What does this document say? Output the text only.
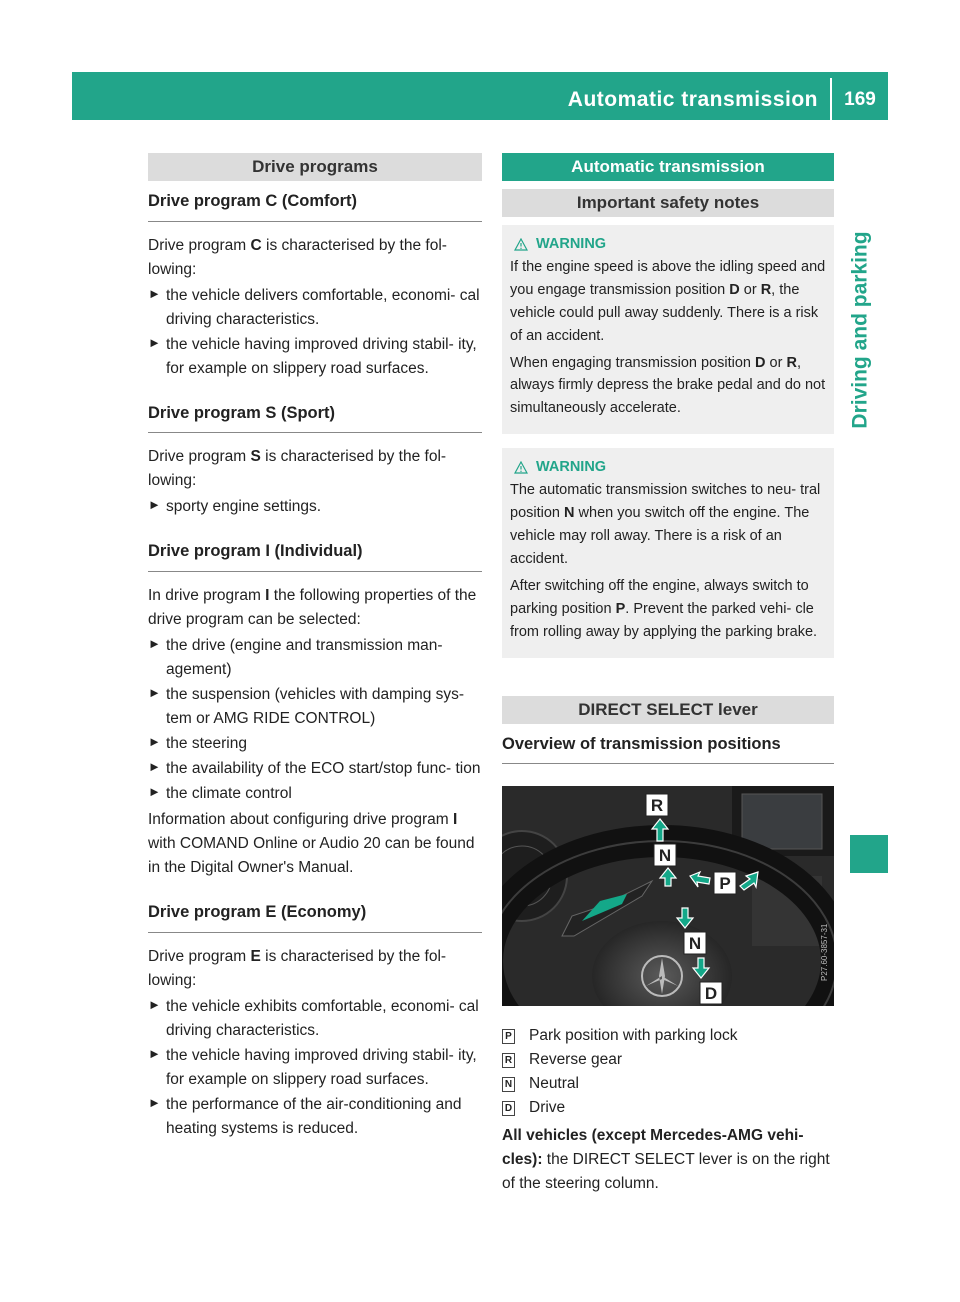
Automatic transmission	169
Driving and parking
Drive programs
Drive program C (Comfort)

Drive program C is characterised by the fol- lowing:

► the vehicle delivers comfortable, economi- cal driving characteristics.
► the vehicle having improved driving stabil- ity, for example on slippery road surfaces.
Drive program S (Sport)

Drive program S is characterised by the fol- lowing:

► sporty engine settings.
Drive program I (Individual)

In drive program I the following properties of the drive program can be selected:

► the drive (engine and transmission man- agement)
► the suspension (vehicles with damping sys- tem or AMG RIDE CONTROL)
► the steering
► the availability of the ECO start/stop func- tion
► the climate control

Information about configuring drive program I with COMAND Online or Audio 20 can be found in the Digital Owner's Manual.

Drive program E (Economy)

Drive program E is characterised by the fol- lowing:

► the vehicle exhibits comfortable, economi- cal driving characteristics.
► the vehicle having improved driving stabil- ity, for example on slippery road surfaces.
► the performance of the air-conditioning and heating systems is reduced.
Automatic transmission
Important safety notes
WARNING

If the engine speed is above the idling speed and you engage transmission position D or R, the vehicle could pull away suddenly. There is a risk of an accident.

When engaging transmission position D or R, always firmly depress the brake pedal and do not simultaneously accelerate.

WARNING

The automatic transmission switches to neu- tral position N when you switch off the engine. The vehicle may roll away. There is a risk of an accident.

After switching off the engine, always switch to parking position P. Prevent the parked vehi- cle from rolling away by applying the parking brake.

DIRECT SELECT lever
Overview of transmission positions
R
N
P
N
D
P27.60-3857-31
P Park position with parking lock
R Reverse gear
N Neutral
D Drive

All vehicles (except Mercedes-AMG vehi- cles): the DIRECT SELECT lever is on the right of the steering column.
